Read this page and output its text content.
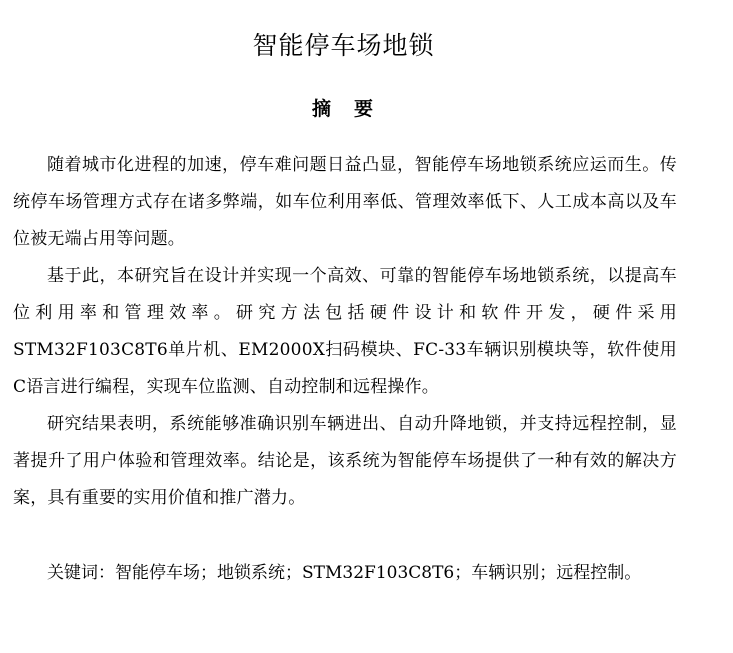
智能停车场地锁
摘　要

随着城市化进程的加速，停车难问题日益凸显，智能停车场地锁系统应运而生。传统停车场管理方式存在诸多弊端，如车位利用率低、管理效率低下、人工成本高以及车位被无端占用等问题。

基于此，本研究旨在设计并实现一个高效、可靠的智能停车场地锁系统，以提高车位利用率和管理效率。研究方法包括硬件设计和软件开发，硬件采用STM32F103C8T6单片机、EM2000X扫码模块、FC-33车辆识别模块等，软件使用C语言进行编程，实现车位监测、自动控制和远程操作。

研究结果表明，系统能够准确识别车辆进出、自动升降地锁，并支持远程控制，显著提升了用户体验和管理效率。结论是，该系统为智能停车场提供了一种有效的解决方案，具有重要的实用价值和推广潜力。

关键词：智能停车场；地锁系统；STM32F103C8T6；车辆识别；远程控制。
